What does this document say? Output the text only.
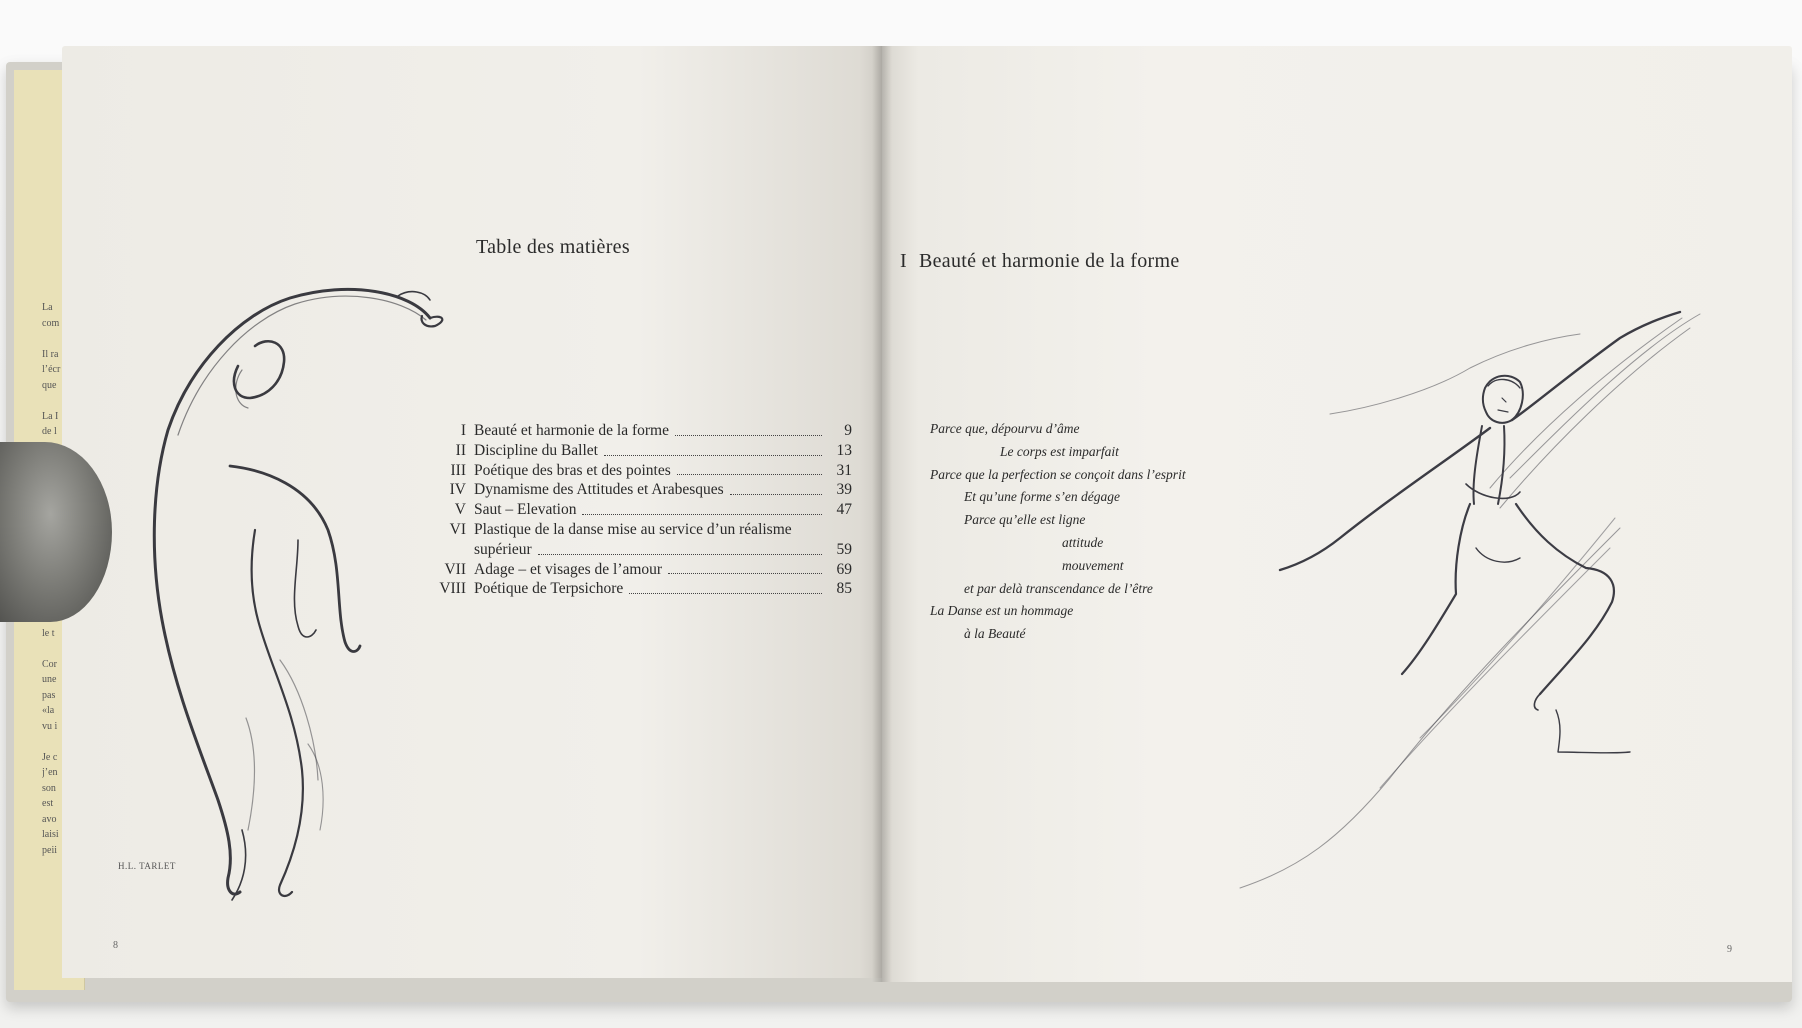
La
com

Il ra
l’écr
que

La I
de l

le t

Cor
une
pas
«la
vu i

Je c
j’en
son
est
avo
laisi
peii
H.L. TARLET
Table des matières
I Beauté et harmonie de la forme	9
II Discipline du Ballet	13
III Poétique des bras et des pointes	31
IV Dynamisme des Attitudes et Arabesques	39
V Saut – Elevation	47
VI Plastique de la danse mise au service d’un réalisme
supérieur	59
VII Adage – et visages de l’amour	69
VIII Poétique de Terpsichore	85
8
I Beauté et harmonie de la forme
Parce que, dépourvu d’âme
Le corps est imparfait
Parce que la perfection se conçoit dans l’esprit
Et qu’une forme s’en dégage
Parce qu’elle est ligne
attitude
mouvement
et par delà transcendance de l’être
La Danse est un hommage
à la Beauté
9
